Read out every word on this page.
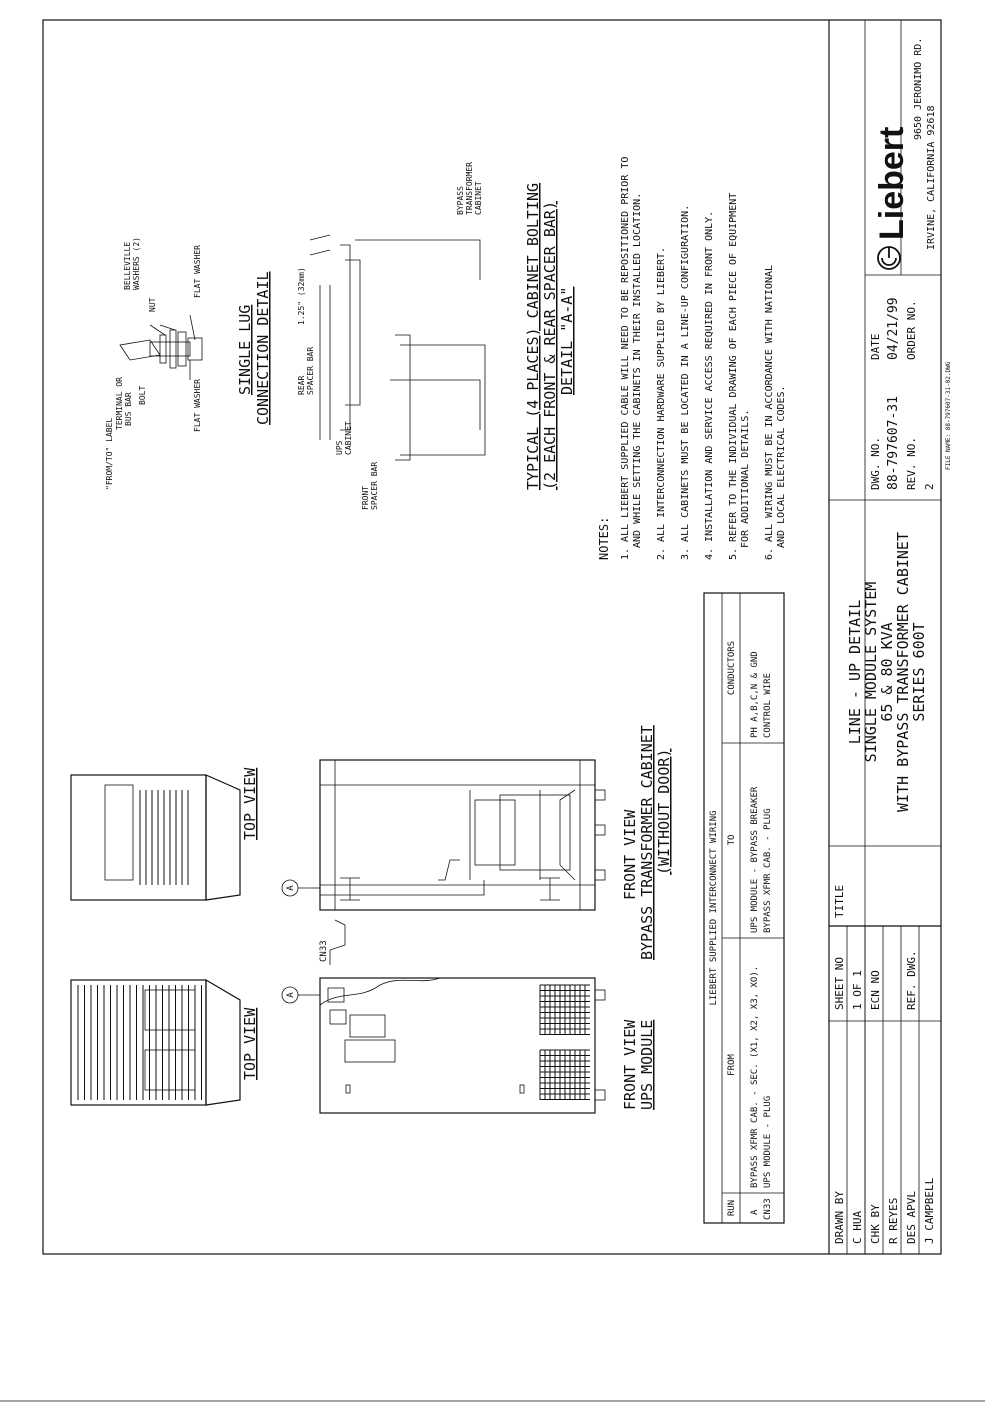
DRAWN BY C HUA CHK BY R REYES DES APVL J CAMPBELL
SHEET NO 1 OF 1 ECN NO REF. DWG.
TITLE
LINE - UP DETAIL
SINGLE MODULE SYSTEM
65 & 80 KVA
WITH BYPASS TRANSFORMER CABINET
SERIES 600T
DWG. NO. 88-797607-31 REV. NO. 2
DATE 04/21/99 ORDER NO.
FILE NAME: 88-797607-31-02.DWG
Liebert
9650 JERONIMO RD.
IRVINE, CALIFORNIA 92618
TOP VIEW
TOP VIEW
FRONT VIEW UPS MODULE
FRONT VIEW BYPASS TRANSFORMER CABINET (WITHOUT DOOR)
A
A
CN33	LIEBERT SUPPLIED INTERCONNECT WIRING
RUN
FROM
TO
CONDUCTORS
A
BYPASS XFMR CAB. - SEC. (X1, X2, X3, XO).
UPS MODULE - BYPASS BREAKER
PH A,B,C,N & GND
CN33
UPS MODULE - PLUG
BYPASS XFMR CAB. - PLUG
CONTROL WIRE
"FROM/TO" LABEL
TERMINAL OR BUS BAR BOLT
BELLEVILLE WASHERS (2)
NUT
FLAT WASHER
FLAT WASHER
SINGLE LUG CONNECTION DETAIL
FRONT SPACER BAR
UPS CABINET
REAR SPACER BAR
1.25" (32mm)
BYPASS TRANSFORMER CABINET	TYPICAL (4 PLACES) CABINET BOLTING (2 EACH FRONT & REAR SPACER BAR) DETAIL "A-A"
NOTES: 1. ALL LIEBERT SUPPLIED CABLE WILL NEED TO BE REPOSITIONED PRIOR TO AND WHILE SETTING THE CABINETS IN THEIR INSTALLED LOCATION. 2. ALL INTERCONNECTION HARDWARE SUPPLIED BY LIEBERT. 3. ALL CABINETS MUST BE LOCATED IN A LINE-UP CONFIGURATION. 4. INSTALLATION AND SERVICE ACCESS REQUIRED IN FRONT ONLY. 5. REFER TO THE INDIVIDUAL DRAWING OF EACH PIECE OF EQUIPMENT FOR ADDITIONAL DETAILS. 6. ALL WIRING MUST BE IN ACCORDANCE WITH NATIONAL AND LOCAL ELECTRICAL CODES.
